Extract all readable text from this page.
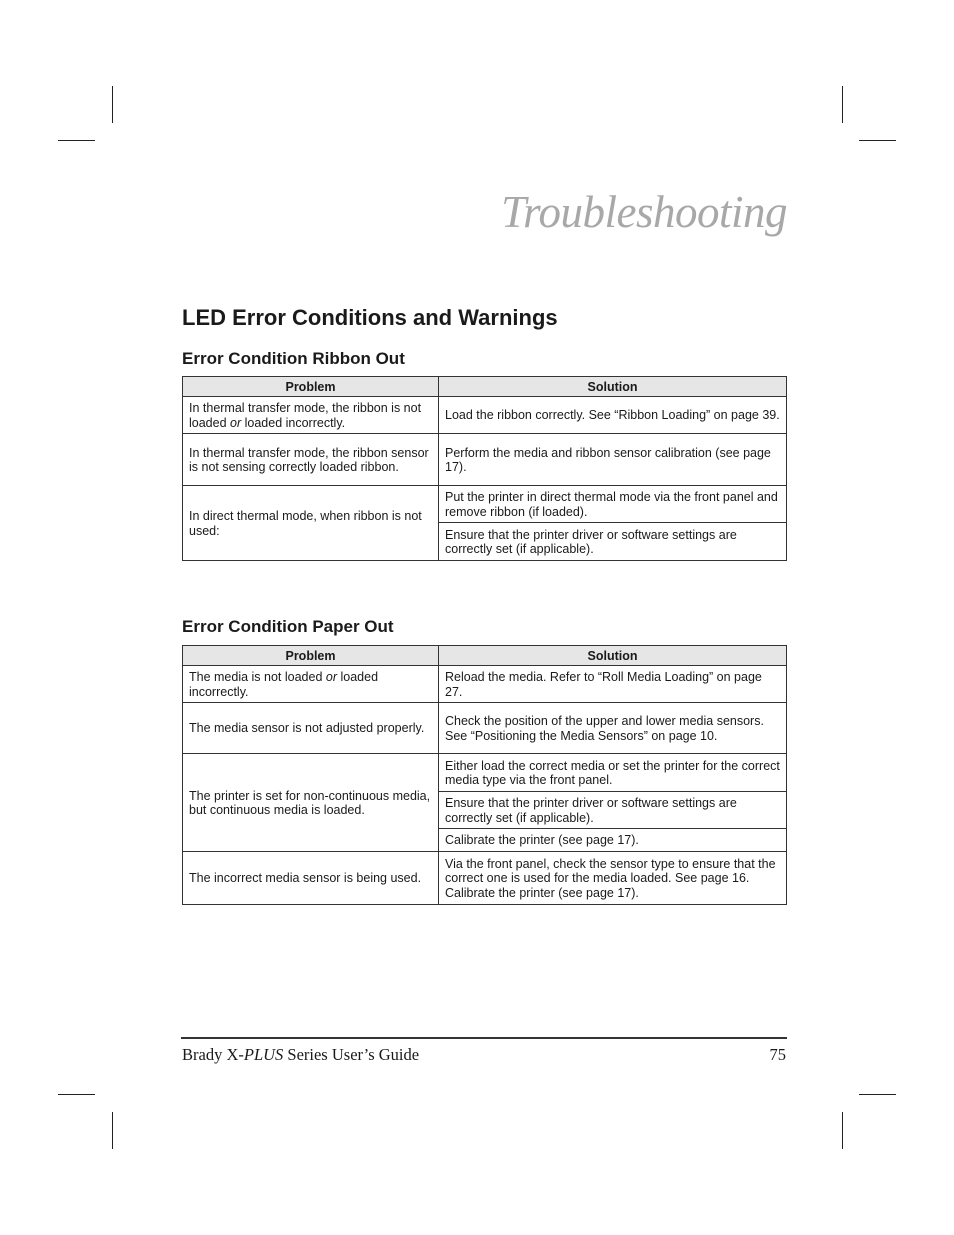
Troubleshooting
LED Error Conditions and Warnings
Error Condition Ribbon Out
Problem	Solution
In thermal transfer mode, the ribbon is not loaded or loaded incorrectly.	Load the ribbon correctly. See “Ribbon Loading” on page 39.
In thermal transfer mode, the ribbon sensor is not sensing correctly loaded ribbon.	Perform the media and ribbon sensor calibration (see page 17).
In direct thermal mode, when ribbon is not used:	Put the printer in direct thermal mode via the front panel and remove ribbon (if loaded).
	Ensure that the printer driver or software settings are correctly set (if applicable).
Error Condition Paper Out
Problem	Solution
The media is not loaded or loaded incorrectly.	Reload the media. Refer to “Roll Media Loading” on page 27.
The media sensor is not adjusted properly.	Check the position of the upper and lower media sensors. See “Positioning the Media Sensors” on page 10.
The printer is set for non-continuous media, but continuous media is loaded.	Either load the correct media or set the printer for the correct media type via the front panel.
	Ensure that the printer driver or software settings are correctly set (if applicable).
	Calibrate the printer (see page 17).
The incorrect media sensor is being used.	Via the front panel, check the sensor type to ensure that the correct one is used for the media loaded. See page 16. Calibrate the printer (see page 17).
Brady X-PLUS Series User’s Guide	75
